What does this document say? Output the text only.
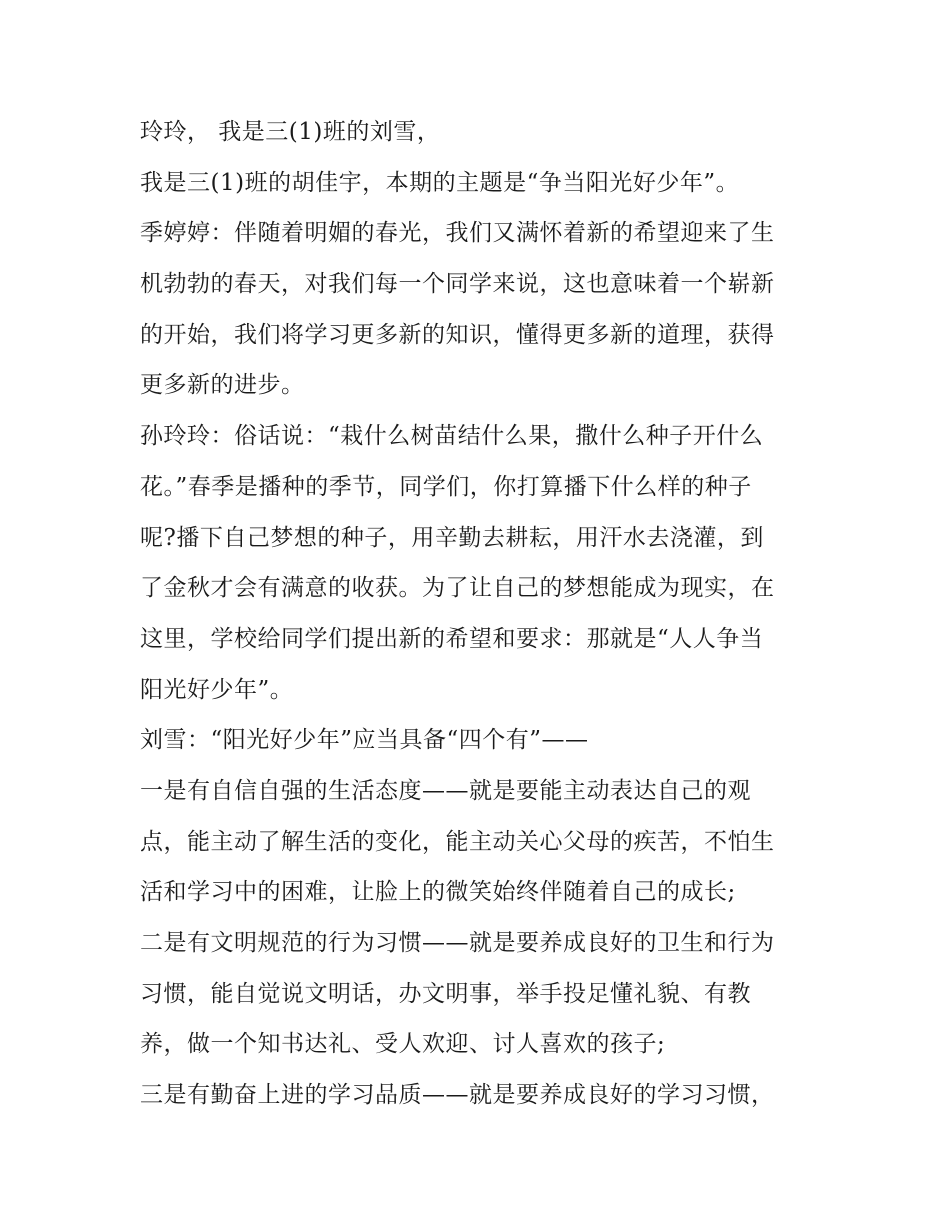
玲玲， 我是三(1)班的刘雪，
我是三(1)班的胡佳宇，本期的主题是“争当阳光好少年”。
季婷婷：伴随着明媚的春光，我们又满怀着新的希望迎来了生
机勃勃的春天，对我们每一个同学来说，这也意味着一个崭新
的开始，我们将学习更多新的知识，懂得更多新的道理，获得
更多新的进步。
孙玲玲：俗话说：“栽什么树苗结什么果，撒什么种子开什么
花。”春季是播种的季节，同学们，你打算播下什么样的种子
呢?播下自己梦想的种子，用辛勤去耕耘，用汗水去浇灌，到
了金秋才会有满意的收获。为了让自己的梦想能成为现实，在
这里，学校给同学们提出新的希望和要求：那就是“人人争当
阳光好少年”。
刘雪：“阳光好少年”应当具备“四个有”——
一是有自信自强的生活态度——就是要能主动表达自己的观
点，能主动了解生活的变化，能主动关心父母的疾苦，不怕生
活和学习中的困难，让脸上的微笑始终伴随着自己的成长;
二是有文明规范的行为习惯——就是要养成良好的卫生和行为
习惯，能自觉说文明话，办文明事，举手投足懂礼貌、有教
养，做一个知书达礼、受人欢迎、讨人喜欢的孩子;
三是有勤奋上进的学习品质——就是要养成良好的学习习惯，
